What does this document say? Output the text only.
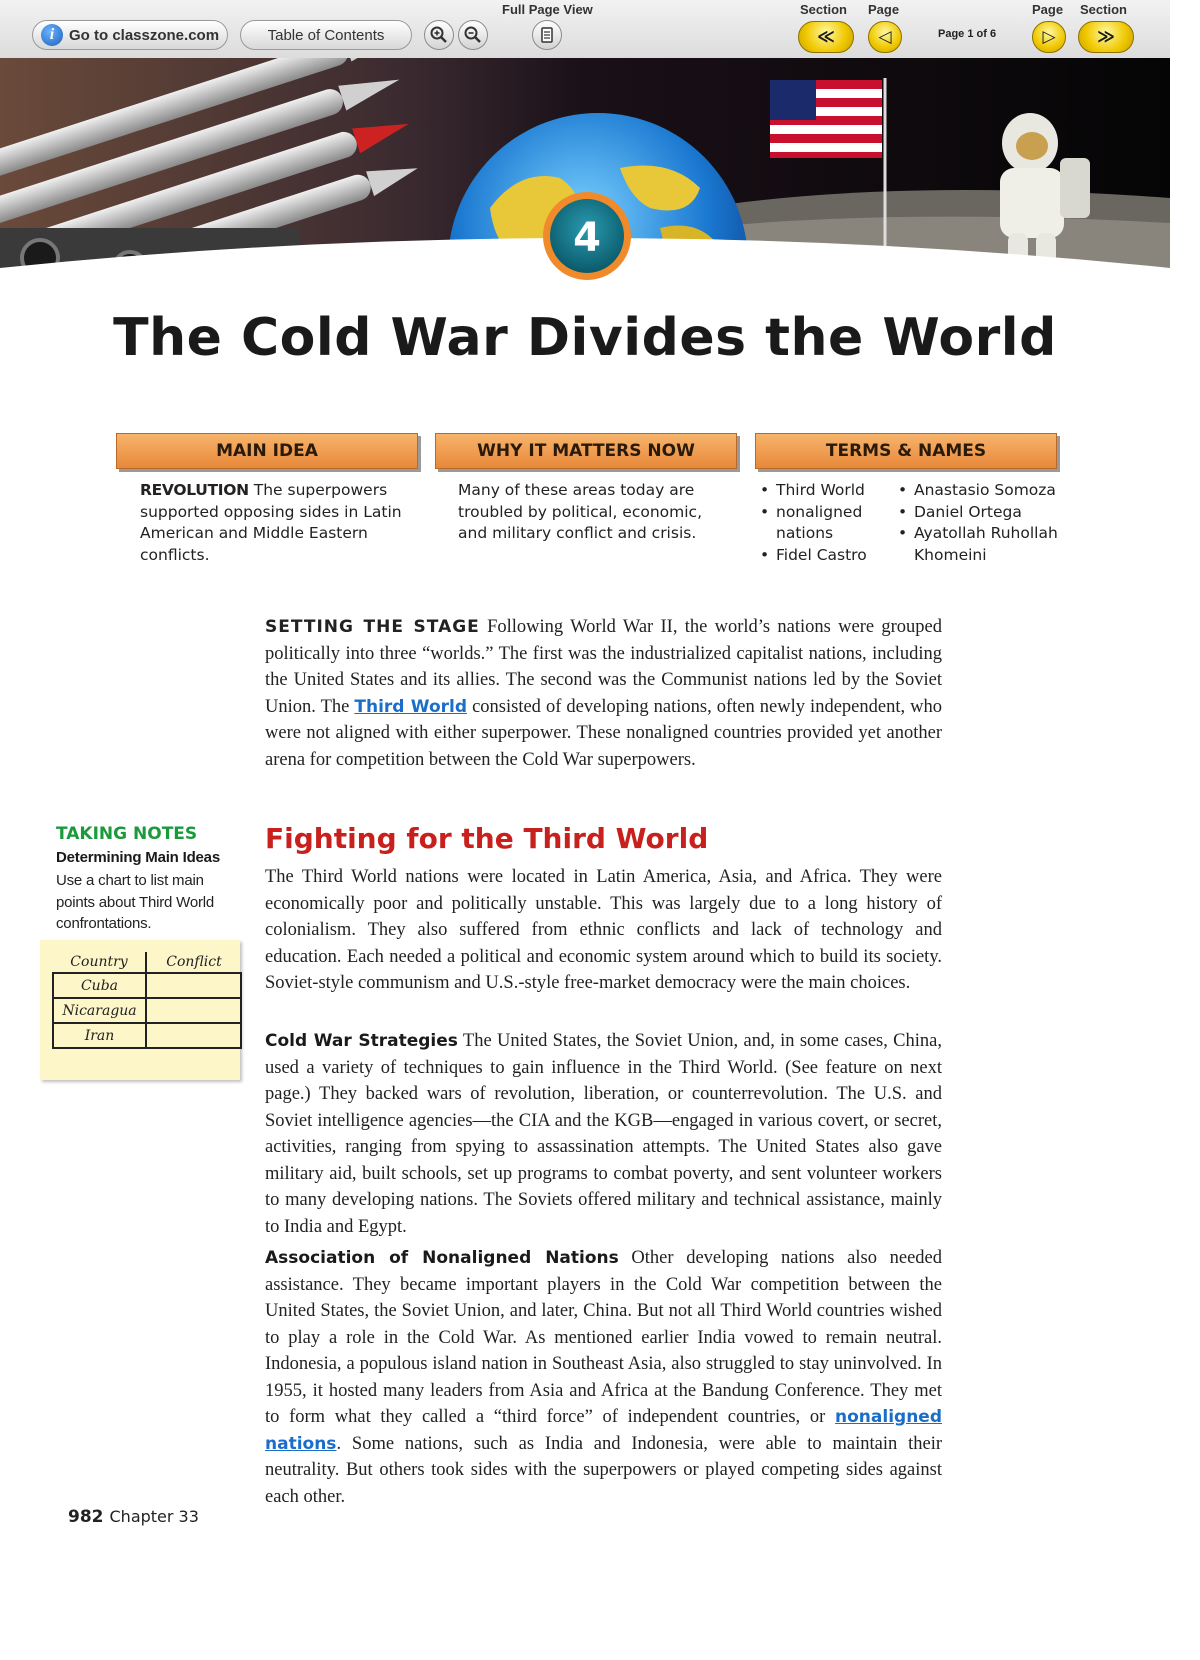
i Go to classzone.com	Table of Contents
Full Page View	Section Page
≪	◁	Page 1 of 6
Page Section
▷ ≫
4
The Cold War Divides the World
MAIN IDEA	WHY IT MATTERS NOW	TERMS & NAMES
REVOLUTION The superpowers supported opposing sides in Latin American and Middle Eastern conflicts.
Many of these areas today are troubled by political, economic, and military conflict and crisis.
• Third World
• nonaligned nations
• Fidel Castro
• Anastasio Somoza
• Daniel Ortega
• Ayatollah Ruhollah Khomeini

SETTING THE STAGE Following World War II, the world’s nations were grouped politically into three “worlds.” The first was the industrialized capitalist nations, including the United States and its allies. The second was the Communist nations led by the Soviet Union. The Third World consisted of developing nations, often newly independent, who were not aligned with either superpower. These nonaligned countries provided yet another arena for competition between the Cold War superpowers.

Fighting for the Third World

The Third World nations were located in Latin America, Asia, and Africa. They were economically poor and politically unstable. This was largely due to a long history of colonialism. They also suffered from ethnic conflicts and lack of technology and education. Each needed a political and economic system around which to build its society. Soviet-style communism and U.S.-style free-market democracy were the main choices.

Cold War Strategies The United States, the Soviet Union, and, in some cases, China, used a variety of techniques to gain influence in the Third World. (See feature on next page.) They backed wars of revolution, liberation, or counterrevolution. The U.S. and Soviet intelligence agencies—the CIA and the KGB—engaged in various covert, or secret, activities, ranging from spying to assassination attempts. The United States also gave military aid, built schools, set up programs to combat poverty, and sent volunteer workers to many developing nations. The Soviets offered military and technical assistance, mainly to India and Egypt.

Association of Nonaligned Nations Other developing nations also needed assistance. They became important players in the Cold War competition between the United States, the Soviet Union, and later, China. But not all Third World countries wished to play a role in the Cold War. As mentioned earlier India vowed to remain neutral. Indonesia, a populous island nation in Southeast Asia, also struggled to stay uninvolved. In 1955, it hosted many leaders from Asia and Africa at the Bandung Conference. They met to form what they called a “third force” of independent countries, or nonaligned nations. Some nations, such as India and Indonesia, were able to maintain their neutrality. But others took sides with the superpowers or played competing sides against each other.

TAKING NOTES
Determining Main Ideas
Use a chart to list main points about Third World confrontations.
Country	Conflict
Cuba	
Nicaragua	
Iran	
982 Chapter 33
